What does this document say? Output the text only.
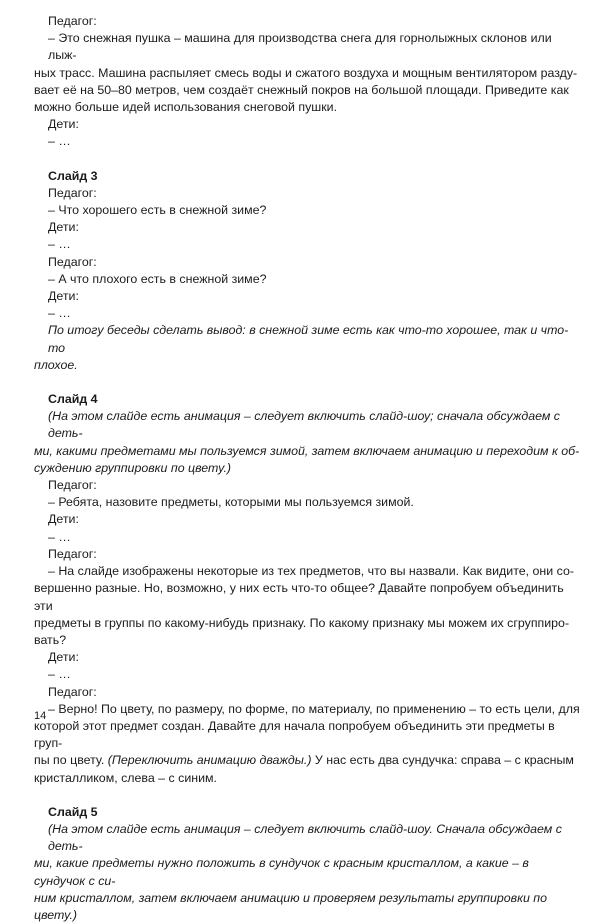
Педагог:
– Это снежная пушка – машина для производства снега для горнолыжных склонов или лыж-
ных трасс. Машина распыляет смесь воды и сжатого воздуха и мощным вентилятором разду-
вает её на 50–80 метров, чем создаёт снежный покров на большой площади. Приведите как
можно больше идей использования снеговой пушки.
Дети:
– …
Слайд 3
Педагог:
– Что хорошего есть в снежной зиме?
Дети:
– …
Педагог:
– А что плохого есть в снежной зиме?
Дети:
– …
По итогу беседы сделать вывод: в снежной зиме есть как что-то хорошее, так и что-то
плохое.
Слайд 4
(На этом слайде есть анимация – следует включить слайд-шоу; сначала обсуждаем с деть-
ми, какими предметами мы пользуемся зимой, затем включаем анимацию и переходим к об-
суждению группировки по цвету.)
Педагог:
– Ребята, назовите предметы, которыми мы пользуемся зимой.
Дети:
– …
Педагог:
– На слайде изображены некоторые из тех предметов, что вы назвали. Как видите, они со-
вершенно разные. Но, возможно, у них есть что-то общее? Давайте попробуем объединить эти
предметы в группы по какому-нибудь признаку. По какому признаку мы можем их сгруппиро-
вать?
Дети:
– …
Педагог:
– Верно! По цвету, по размеру, по форме, по материалу, по применению – то есть цели, для
которой этот предмет создан. Давайте для начала попробуем объединить эти предметы в груп-
пы по цвету. (Переключить анимацию дважды.) У нас есть два сундучка: справа – с красным
кристалликом, слева – с синим.
Слайд 5
(На этом слайде есть анимация – следует включить слайд-шоу. Сначала обсуждаем с деть-
ми, какие предметы нужно положить в сундучок с красным кристаллом, а какие – в сундучок с си-
ним кристаллом, затем включаем анимацию и проверяем результаты группировки по цвету.)
14
